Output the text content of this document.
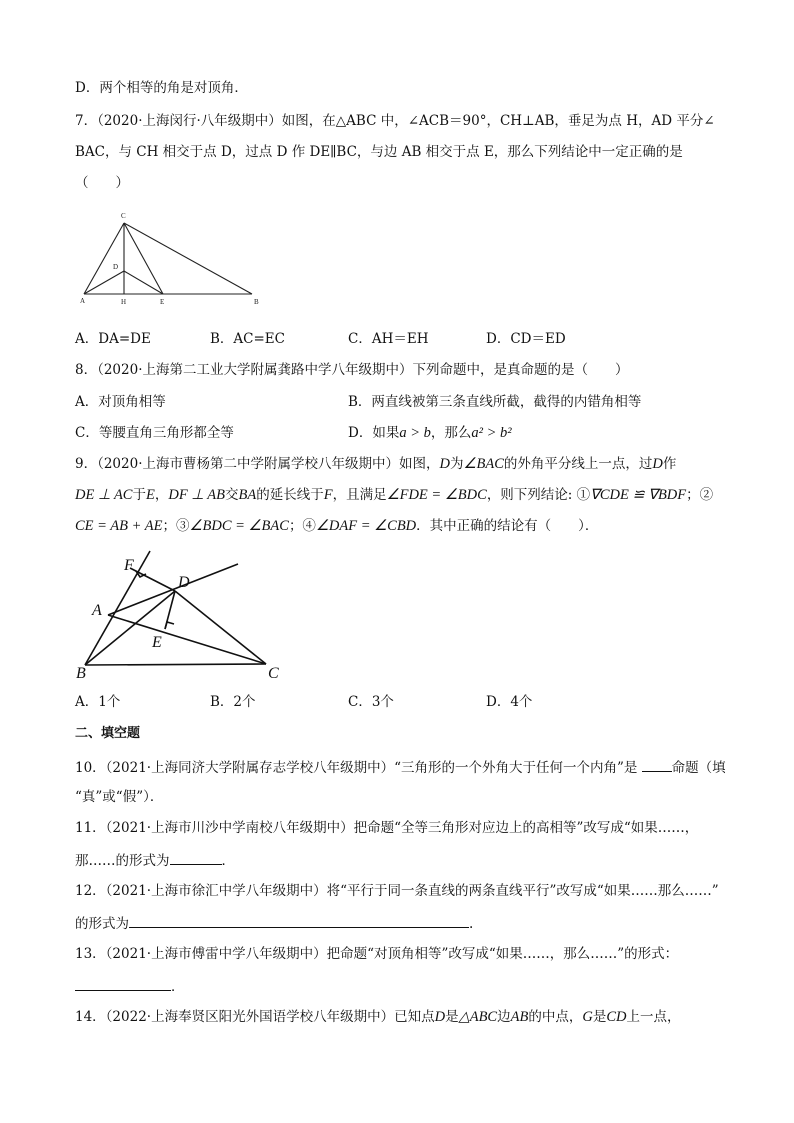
D．两个相等的角是对顶角．
7．（2020·上海闵行·八年级期中）如图，在△ABC 中，∠ACB＝90°，CH⊥AB，垂足为点 H，AD 平分∠
BAC，与 CH 相交于点 D，过点 D 作 DE∥BC，与边 AB 相交于点 E，那么下列结论中一定正确的是
（　　）
C
D
A	H	E	B
A．DA=DE	B．AC=EC	C．AH＝EH	D．CD＝ED
8．（2020·上海第二工业大学附属龚路中学八年级期中）下列命题中，是真命题的是（　　）
A．对顶角相等	B．两直线被第三条直线所截，截得的内错角相等
C．等腰直角三角形都全等	D．如果a > b，那么a² > b²
9．（2020·上海市曹杨第二中学附属学校八年级期中）如图，D为∠BAC的外角平分线上一点，过D作
DE ⊥ AC于E，DF ⊥ AB交BA的延长线于F，且满足∠FDE = ∠BDC，则下列结论: ①∇CDE ≌ ∇BDF；②
CE = AB + AE；③∠BDC = ∠BAC；④∠DAF = ∠CBD．其中正确的结论有（　　）．
F
D
A
E
B	C
A．1个	B．2个	C．3个	D．4个
二、填空题
10．（2021·上海同济大学附属存志学校八年级期中）“三角形的一个外角大于任何一个内角”是 命题（填
“真”或“假”）．
11．（2021·上海市川沙中学南校八年级期中）把命题“全等三角形对应边上的高相等”改写成“如果……，
那……的形式为	．
12．（2021·上海市徐汇中学八年级期中）将“平行于同一条直线的两条直线平行”改写成“如果……那么……”
的形式为	.
13．（2021·上海市傅雷中学八年级期中）把命题“对顶角相等”改写成“如果……，那么……”的形式：
．
14．（2022·上海奉贤区阳光外国语学校八年级期中）已知点D是△ABC边AB的中点，G是CD上一点，
